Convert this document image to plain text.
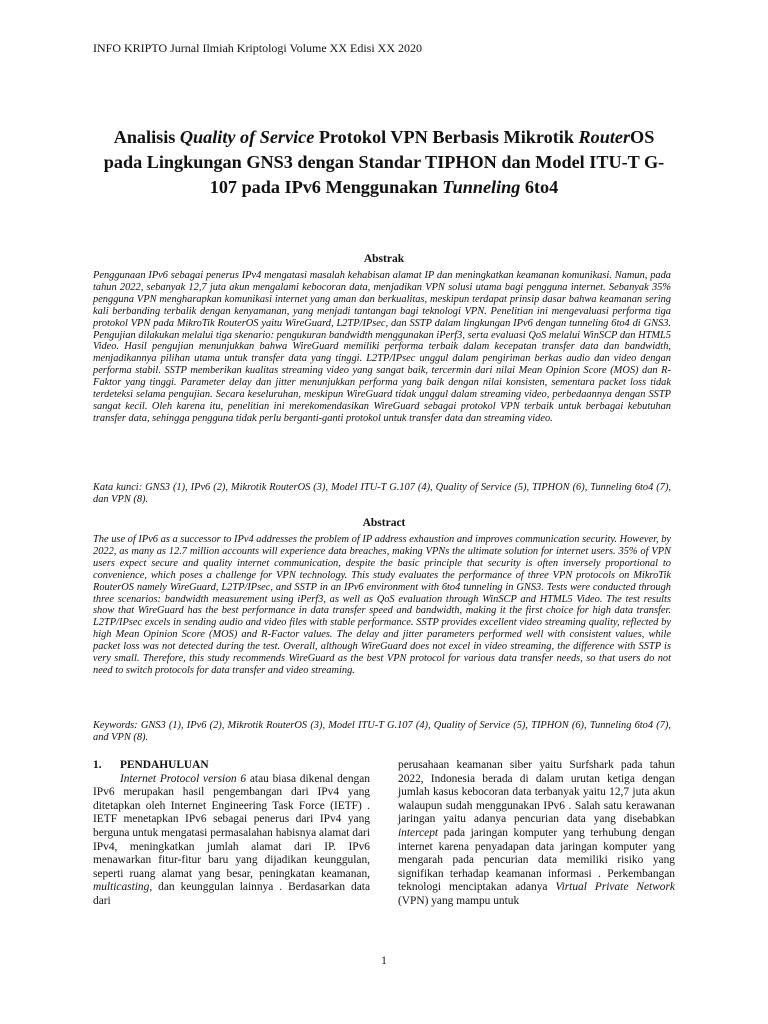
INFO KRIPTO Jurnal Ilmiah Kriptologi Volume XX Edisi XX 2020
Analisis Quality of Service Protokol VPN Berbasis Mikrotik RouterOS pada Lingkungan GNS3 dengan Standar TIPHON dan Model ITU-T G-107 pada IPv6 Menggunakan Tunneling 6to4
Abstrak

Penggunaan IPv6 sebagai penerus IPv4 mengatasi masalah kehabisan alamat IP dan meningkatkan keamanan komunikasi. Namun, pada tahun 2022, sebanyak 12,7 juta akun mengalami kebocoran data, menjadikan VPN solusi utama bagi pengguna internet. Sebanyak 35% pengguna VPN mengharapkan komunikasi internet yang aman dan berkualitas, meskipun terdapat prinsip dasar bahwa keamanan sering kali berbanding terbalik dengan kenyamanan, yang menjadi tantangan bagi teknologi VPN. Penelitian ini mengevaluasi performa tiga protokol VPN pada MikroTik RouterOS yaitu WireGuard, L2TP/IPsec, dan SSTP dalam lingkungan IPv6 dengan tunneling 6to4 di GNS3. Pengujian dilakukan melalui tiga skenario: pengukuran bandwidth menggunakan iPerf3, serta evaluasi QoS melalui WinSCP dan HTML5 Video. Hasil pengujian menunjukkan bahwa WireGuard memiliki performa terbaik dalam kecepatan transfer data dan bandwidth, menjadikannya pilihan utama untuk transfer data yang tinggi. L2TP/IPsec unggul dalam pengiriman berkas audio dan video dengan performa stabil. SSTP memberikan kualitas streaming video yang sangat baik, tercermin dari nilai Mean Opinion Score (MOS) dan R-Faktor yang tinggi. Parameter delay dan jitter menunjukkan performa yang baik dengan nilai konsisten, sementara packet loss tidak terdeteksi selama pengujian. Secara keseluruhan, meskipun WireGuard tidak unggul dalam streaming video, perbedaannya dengan SSTP sangat kecil. Oleh karena itu, penelitian ini merekomendasikan WireGuard sebagai protokol VPN terbaik untuk berbagai kebutuhan transfer data, sehingga pengguna tidak perlu berganti-ganti protokol untuk transfer data dan streaming video.

Kata kunci: GNS3 (1), IPv6 (2), Mikrotik RouterOS (3), Model ITU-T G.107 (4), Quality of Service (5), TIPHON (6), Tunneling 6to4 (7), dan VPN (8).

Abstract

The use of IPv6 as a successor to IPv4 addresses the problem of IP address exhaustion and improves communication security. However, by 2022, as many as 12.7 million accounts will experience data breaches, making VPNs the ultimate solution for internet users. 35% of VPN users expect secure and quality internet communication, despite the basic principle that security is often inversely proportional to convenience, which poses a challenge for VPN technology. This study evaluates the performance of three VPN protocols on MikroTik RouterOS namely WireGuard, L2TP/IPsec, and SSTP in an IPv6 environment with 6to4 tunneling in GNS3. Tests were conducted through three scenarios: bandwidth measurement using iPerf3, as well as QoS evaluation through WinSCP and HTML5 Video. The test results show that WireGuard has the best performance in data transfer speed and bandwidth, making it the first choice for high data transfer. L2TP/IPsec excels in sending audio and video files with stable performance. SSTP provides excellent video streaming quality, reflected by high Mean Opinion Score (MOS) and R-Factor values. The delay and jitter parameters performed well with consistent values, while packet loss was not detected during the test. Overall, although WireGuard does not excel in video streaming, the difference with SSTP is very small. Therefore, this study recommends WireGuard as the best VPN protocol for various data transfer needs, so that users do not need to switch protocols for data transfer and video streaming.

Keywords: GNS3 (1), IPv6 (2), Mikrotik RouterOS (3), Model ITU-T G.107 (4), Quality of Service (5), TIPHON (6), Tunneling 6to4 (7), and VPN (8).

1. PENDAHULUAN

Internet Protocol version 6 atau biasa dikenal dengan IPv6 merupakan hasil pengembangan dari IPv4 yang ditetapkan oleh Internet Engineering Task Force (IETF) . IETF menetapkan IPv6 sebagai penerus dari IPv4 yang berguna untuk mengatasi permasalahan habisnya alamat dari IPv4, meningkatkan jumlah alamat dari IP. IPv6 menawarkan fitur-fitur baru yang dijadikan keunggulan, seperti ruang alamat yang besar, peningkatan keamanan, multicasting, dan keunggulan lainnya . Berdasarkan data dari

perusahaan keamanan siber yaitu Surfshark pada tahun 2022, Indonesia berada di dalam urutan ketiga dengan jumlah kasus kebocoran data terbanyak yaitu 12,7 juta akun walaupun sudah menggunakan IPv6 . Salah satu kerawanan jaringan yaitu adanya pencurian data yang disebabkan intercept pada jaringan komputer yang terhubung dengan internet karena penyadapan data jaringan komputer yang mengarah pada pencurian data memiliki risiko yang signifikan terhadap keamanan informasi . Perkembangan teknologi menciptakan adanya Virtual Private Network (VPN) yang mampu untuk

1
